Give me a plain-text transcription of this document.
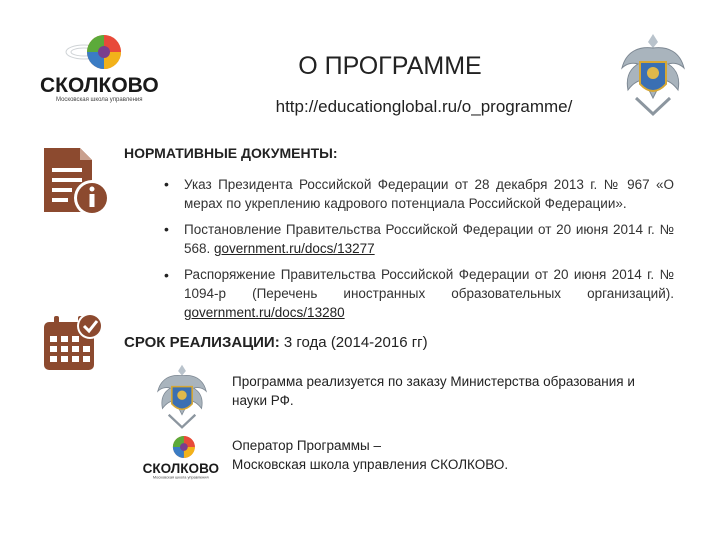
СКОЛКОВО
Московская школа управления
О ПРОГРАММЕ
http://educationglobal.ru/o_programme/
НОРМАТИВНЫЕ ДОКУМЕНТЫ:
• Указ Президента Российской Федерации от 28 декабря 2013 г. № 967 «О мерах по укреплению кадрового потенциала Российской Федерации».
• Постановление Правительства Российской Федерации от 20 июня 2014 г. № 568. government.ru/docs/13277
• Распоряжение Правительства Российской Федерации от 20 июня 2014 г. № 1094-р (Перечень иностранных образовательных организаций). government.ru/docs/13280
СРОК РЕАЛИЗАЦИИ: 3 года (2014-2016 гг)
Программа реализуется по заказу Министерства образования и науки РФ.
СКОЛКОВО
Московская школа управления
Оператор Программы –
Московская школа управления СКОЛКОВО.
